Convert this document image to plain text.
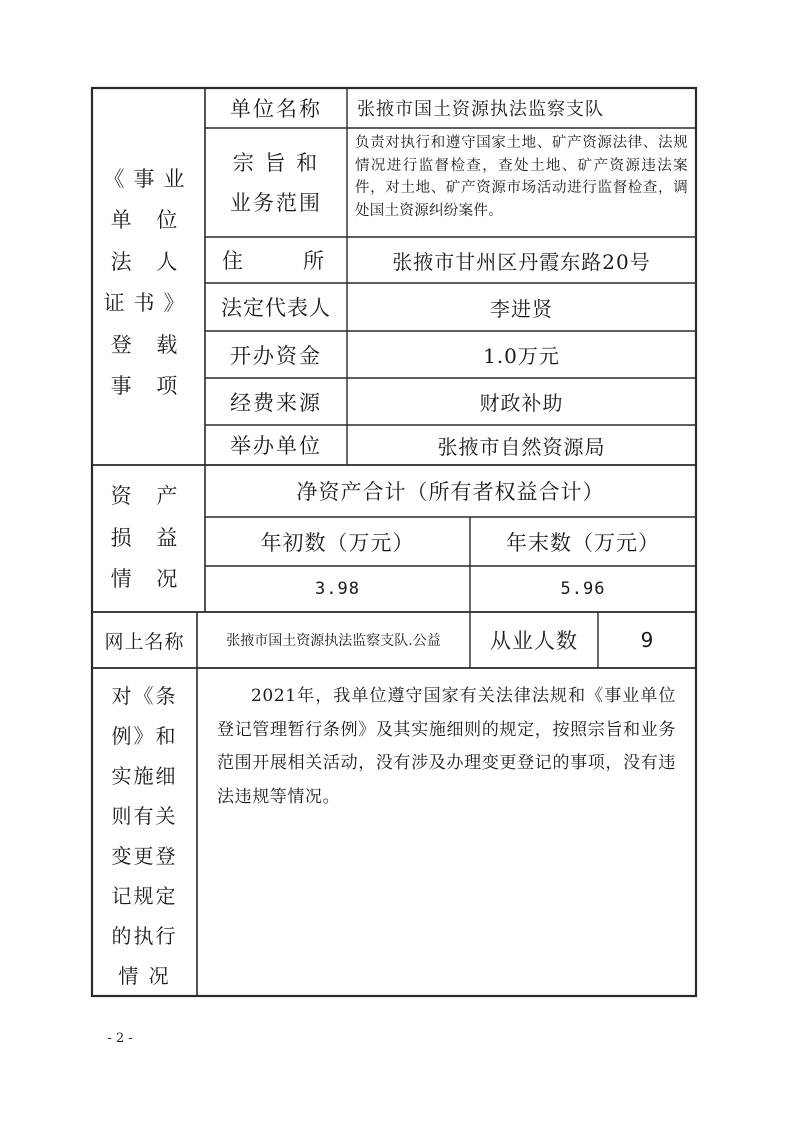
《事业
单 位
法 人
证书》
登 载
事 项
单位名称	张掖市国土资源执法监察支队
宗 旨 和
业务范围
负责对执行和遵守国家土地、矿产资源法律、法规情况进行监督检查，查处土地、矿产资源违法案件，对土地、矿产资源市场活动进行监督检查，调处国土资源纠纷案件。
住　　所	张掖市甘州区丹霞东路20号
法定代表人	李进贤
开办资金	1.0万元
经费来源	财政补助
举办单位	张掖市自然资源局
资 产
损 益
情 况
净资产合计（所有者权益合计）
年初数（万元）	年末数（万元）
3.98	5.96
网上名称	张掖市国土资源执法监察支队.公益	从业人数	9
对《条
例》和
实施细
则有关
变更登
记规定
的执行
情 况
2021年，我单位遵守国家有关法律法规和《事业单位登记管理暂行条例》及其实施细则的规定，按照宗旨和业务范围开展相关活动，没有涉及办理变更登记的事项，没有违法违规等情况。
- 2 -
